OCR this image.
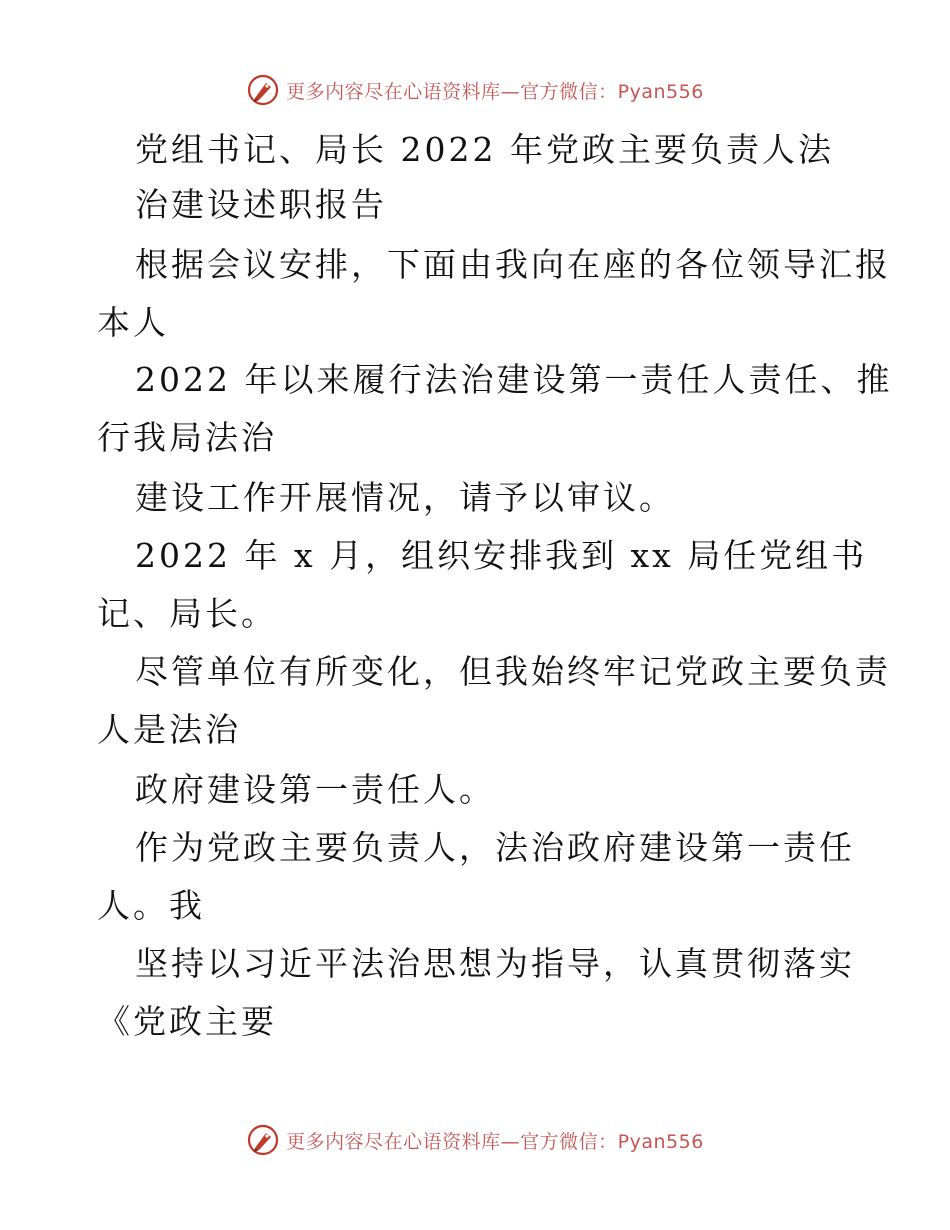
更多内容尽在心语资料库—官方微信：Pyan556
党组书记、局长 2022 年党政主要负责人法
治建设述职报告
根据会议安排，下面由我向在座的各位领导汇报
本人
2022 年以来履行法治建设第一责任人责任、推
行我局法治
建设工作开展情况，请予以审议。
2022 年 x 月，组织安排我到 xx 局任党组书
记、局长。
尽管单位有所变化，但我始终牢记党政主要负责
人是法治
政府建设第一责任人。
作为党政主要负责人，法治政府建设第一责任
人。我
坚持以习近平法治思想为指导，认真贯彻落实
《党政主要
更多内容尽在心语资料库—官方微信：Pyan556
